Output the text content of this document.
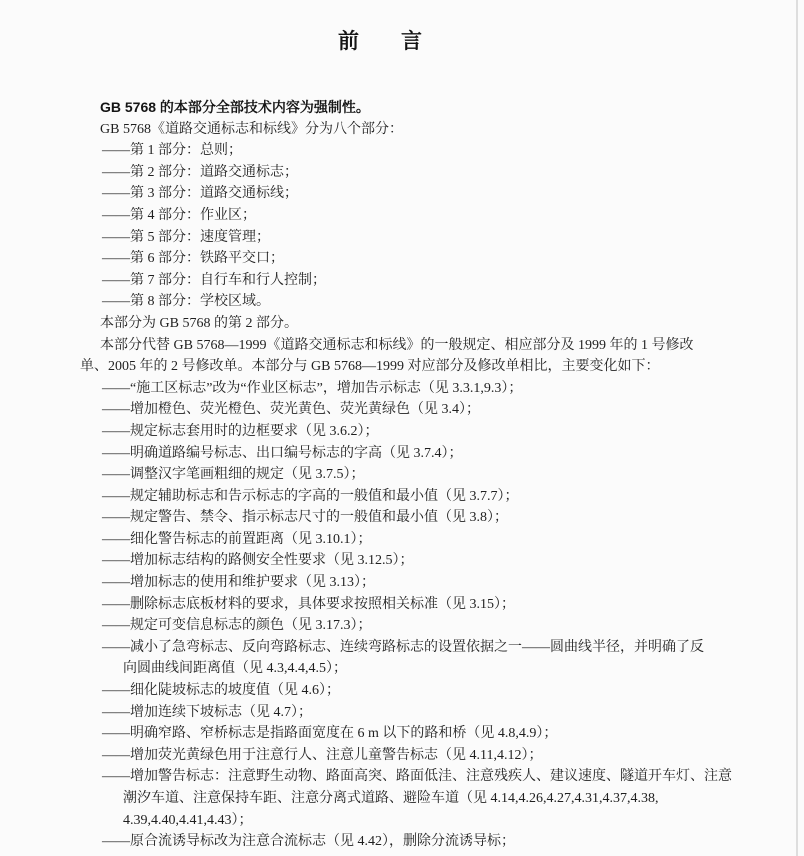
前　　言
GB 5768 的本部分全部技术内容为强制性。
GB 5768《道路交通标志和标线》分为八个部分：
——第 1 部分：总则；
——第 2 部分：道路交通标志；
——第 3 部分：道路交通标线；
——第 4 部分：作业区；
——第 5 部分：速度管理；
——第 6 部分：铁路平交口；
——第 7 部分：自行车和行人控制；
——第 8 部分：学校区域。
本部分为 GB 5768 的第 2 部分。
本部分代替 GB 5768—1999《道路交通标志和标线》的一般规定、相应部分及 1999 年的 1 号修改
单、2005 年的 2 号修改单。本部分与 GB 5768—1999 对应部分及修改单相比，主要变化如下：
——“施工区标志”改为“作业区标志”，增加告示标志（见 3.3.1,9.3）；
——增加橙色、荧光橙色、荧光黄色、荧光黄绿色（见 3.4）；
——规定标志套用时的边框要求（见 3.6.2）；
——明确道路编号标志、出口编号标志的字高（见 3.7.4）；
——调整汉字笔画粗细的规定（见 3.7.5）；
——规定辅助标志和告示标志的字高的一般值和最小值（见 3.7.7）；
——规定警告、禁令、指示标志尺寸的一般值和最小值（见 3.8）；
——细化警告标志的前置距离（见 3.10.1）；
——增加标志结构的路侧安全性要求（见 3.12.5）；
——增加标志的使用和维护要求（见 3.13）；
——删除标志底板材料的要求，具体要求按照相关标准（见 3.15）；
——规定可变信息标志的颜色（见 3.17.3）；
——减小了急弯标志、反向弯路标志、连续弯路标志的设置依据之一——圆曲线半径，并明确了反
向圆曲线间距离值（见 4.3,4.4,4.5）；
——细化陡坡标志的坡度值（见 4.6）；
——增加连续下坡标志（见 4.7）；
——明确窄路、窄桥标志是指路面宽度在 6 m 以下的路和桥（见 4.8,4.9）；
——增加荧光黄绿色用于注意行人、注意儿童警告标志（见 4.11,4.12）；
——增加警告标志：注意野生动物、路面高突、路面低洼、注意残疾人、建议速度、隧道开车灯、注意
潮汐车道、注意保持车距、注意分离式道路、避险车道（见 4.14,4.26,4.27,4.31,4.37,4.38,
4.39,4.40,4.41,4.43）；
——原合流诱导标改为注意合流标志（见 4.42），删除分流诱导标；
